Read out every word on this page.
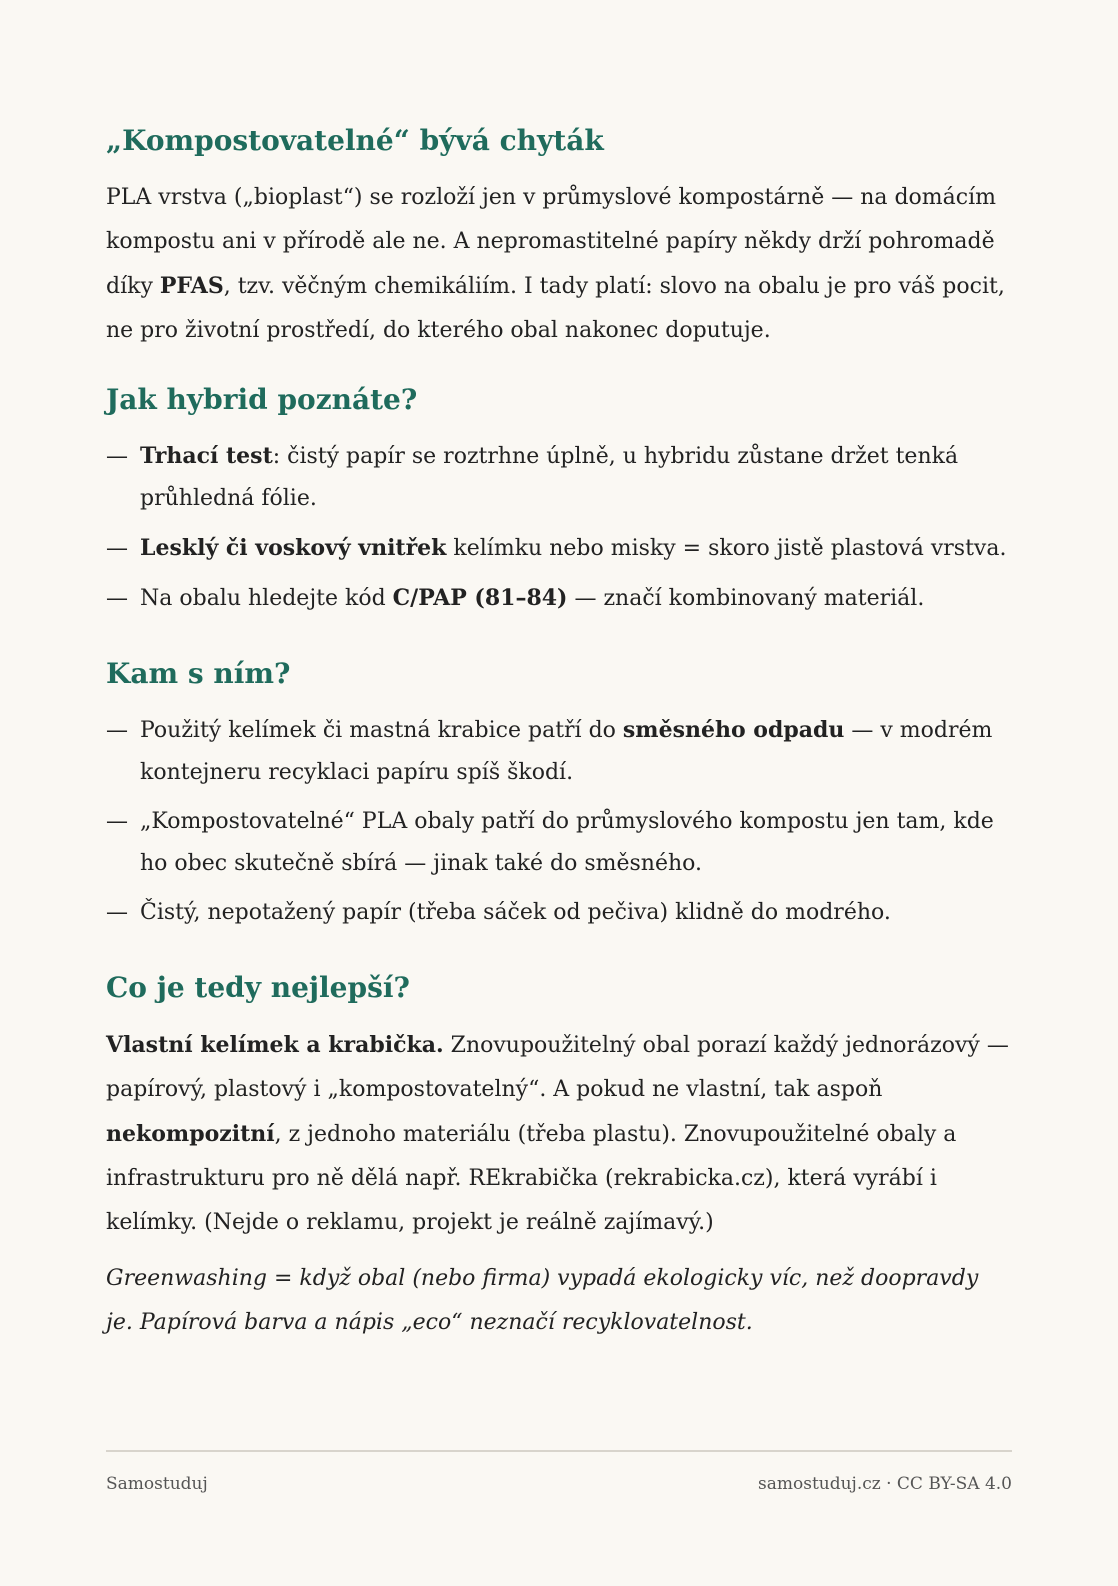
„Kompostovatelné“ bývá chyták

PLA vrstva („bioplast“) se rozloží jen v průmyslové kompostárně — na domácím kompostu ani v přírodě ale ne. A nepromastitelné papíry někdy drží pohromadě díky PFAS, tzv. věčným chemikáliím. I tady platí: slovo na obalu je pro váš pocit, ne pro životní prostředí, do kterého obal nakonec doputuje.

Jak hybrid poznáte?
— Trhací test: čistý papír se roztrhne úplně, u hybridu zůstane držet tenká průhledná fólie.
— Lesklý či voskový vnitřek kelímku nebo misky = skoro jistě plastová vrstva.
— Na obalu hledejte kód C/PAP (81–84) — značí kombinovaný materiál.
Kam s ním?
— Použitý kelímek či mastná krabice patří do směsného odpadu — v modrém kontejneru recyklaci papíru spíš škodí.
— „Kompostovatelné“ PLA obaly patří do průmyslového kompostu jen tam, kde ho obec skutečně sbírá — jinak také do směsného.
— Čistý, nepotažený papír (třeba sáček od pečiva) klidně do modrého.
Co je tedy nejlepší?

Vlastní kelímek a krabička. Znovupoužitelný obal porazí každý jednorázový — papírový, plastový i „kompostovatelný“. A pokud ne vlastní, tak aspoň nekompozitní, z jednoho materiálu (třeba plastu). Znovupoužitelné obaly a infrastrukturu pro ně dělá např. REkrabička (rekrabicka.cz), která vyrábí i kelímky. (Nejde o reklamu, projekt je reálně zajímavý.)

Greenwashing = když obal (nebo firma) vypadá ekologicky víc, než doopravdy je. Papírová barva a nápis „eco“ neznačí recyklovatelnost.

Samostuduj	samostuduj.cz · CC BY-SA 4.0
